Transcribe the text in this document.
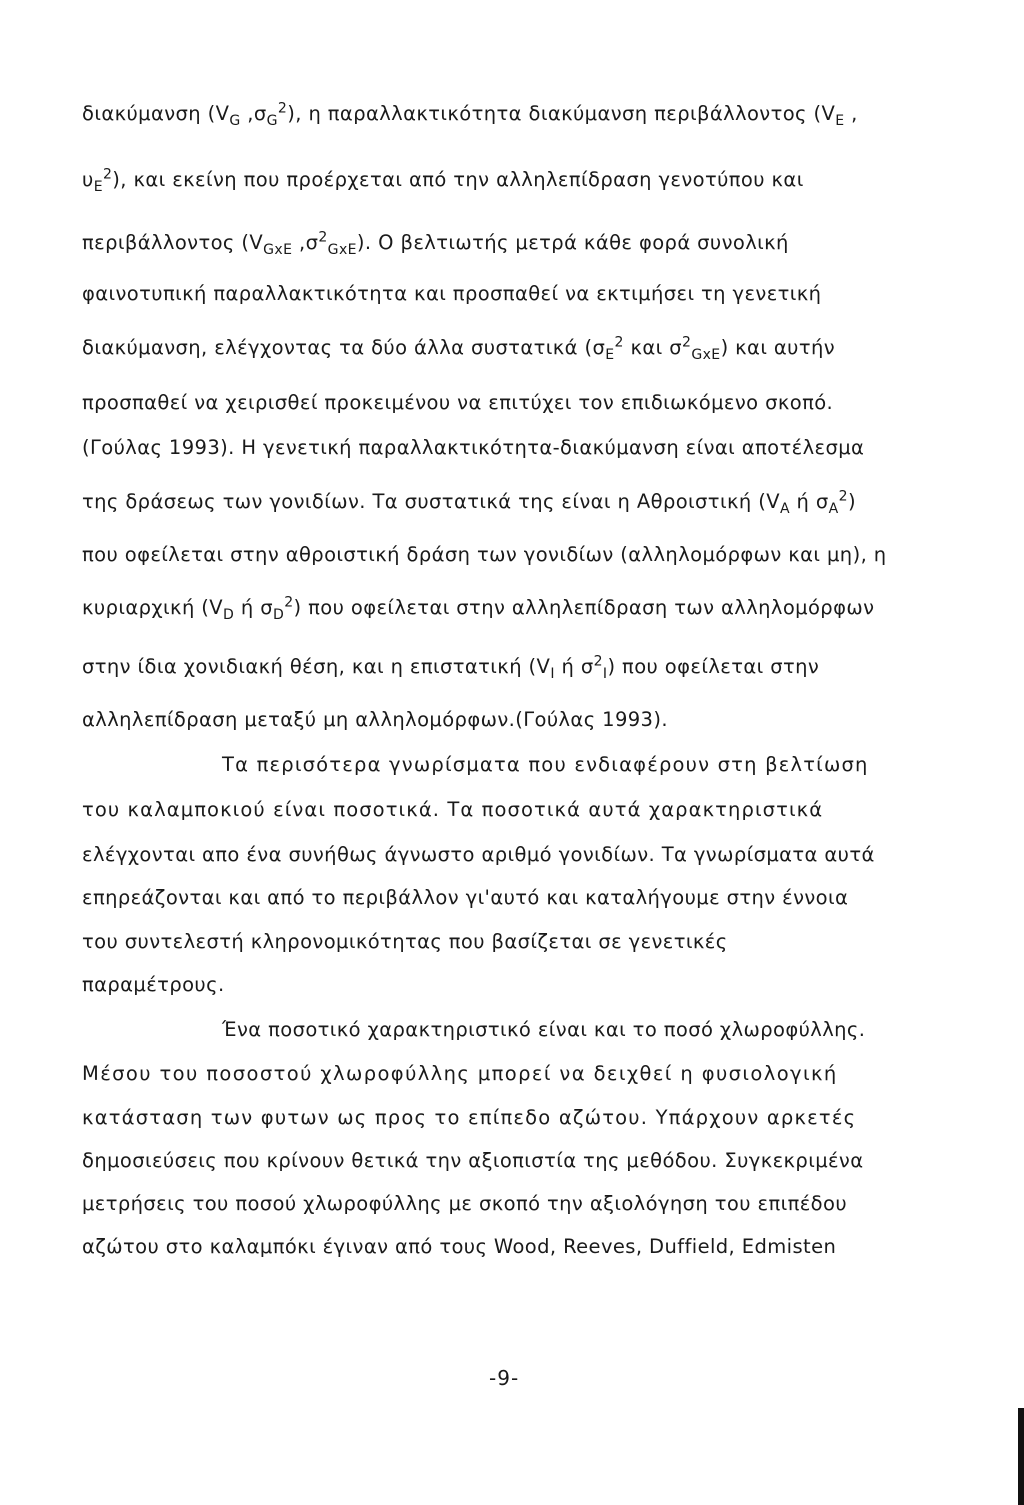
διακύμανση ($V_G$ $,\sigma_G^2$), η παραλλακτικότητα διακύμανση περιβάλλοντος ($V_E$ ,
$\upsilon_E^2$), και εκείνη που προέρχεται από την αλληλεπίδραση γενοτύπου και
περιβάλλοντος ($V_{GxE}$ $,\sigma^2_{GxE}$). Ο βελτιωτής μετρά κάθε φορά συνολική
φαινοτυπική παραλλακτικότητα και προσπαθεί να εκτιμήσει τη γενετική
διακύμανση, ελέγχοντας τα δύο άλλα συστατικά ($\sigma_E^2$ και $\sigma^2_{GxE}$) και αυτήν
προσπαθεί να χειρισθεί προκειμένου να επιτύχει τον επιδιωκόμενο σκοπό.
(Γούλας 1993). Η γενετική παραλλακτικότητα-διακύμανση είναι αποτέλεσμα
της δράσεως των γονιδίων. Τα συστατικά της είναι η Αθροιστική ($V_A$ ή $\sigma_A^2$)
που οφείλεται στην αθροιστική δράση των γονιδίων (αλληλομόρφων και μη), η
κυριαρχική ($V_D$ ή $\sigma_D^2$) που οφείλεται στην αλληλεπίδραση των αλληλομόρφων
στην ίδια χονιδιακή θέση, και η επιστατική ($V_I$ ή $\sigma^2_I$) που οφείλεται στην
αλληλεπίδραση μεταξύ μη αλληλομόρφων.(Γούλας 1993).
Τα περισότερα γνωρίσματα που ενδιαφέρουν στη βελτίωση
του καλαμποκιού είναι ποσοτικά. Τα ποσοτικά αυτά χαρακτηριστικά
ελέγχονται απο ένα συνήθως άγνωστο αριθμό γονιδίων. Τα γνωρίσματα αυτά
επηρεάζονται και από το περιβάλλον γι'αυτό και καταλήγουμε στην έννοια
του συντελεστή κληρονομικότητας που βασίζεται σε γενετικές
παραμέτρους.
Ένα ποσοτικό χαρακτηριστικό είναι και το ποσό χλωροφύλλης.
Μέσου του ποσοστού χλωροφύλλης μπορεί να δειχθεί η φυσιολογική
κατάσταση των φυτων ως προς το επίπεδο αζώτου. Υπάρχουν αρκετές
δημοσιεύσεις που κρίνουν θετικά την αξιοπιστία της μεθόδου. Συγκεκριμένα
μετρήσεις του ποσού χλωροφύλλης με σκοπό την αξιολόγηση του επιπέδου
αζώτου στο καλαμπόκι έγιναν από τους Wood, Reeves, Duffield, Edmisten
-9-
